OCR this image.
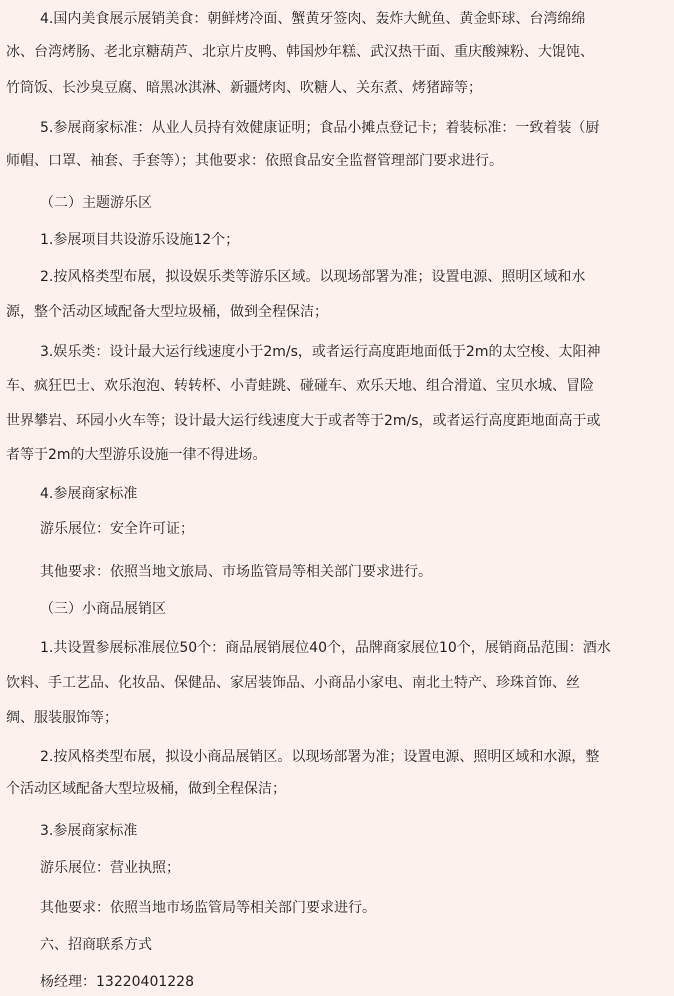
4.国内美食展示展销美食：朝鲜烤冷面、蟹黄牙签肉、轰炸大鱿鱼、黄金虾球、台湾绵绵
冰、台湾烤肠、老北京糖葫芦、北京片皮鸭、韩国炒年糕、武汉热干面、重庆酸辣粉、大馄饨、
竹筒饭、长沙臭豆腐、暗黑冰淇淋、新疆烤肉、吹糖人、关东煮、烤猪蹄等；
5.参展商家标准：从业人员持有效健康证明；食品小摊点登记卡；着装标准：一致着装（厨
师帽、口罩、袖套、手套等）；其他要求：依照食品安全监督管理部门要求进行。
（二）主题游乐区
1.参展项目共设游乐设施12个；
2.按风格类型布展，拟设娱乐类等游乐区域。以现场部署为准；设置电源、照明区域和水
源，整个活动区域配备大型垃圾桶，做到全程保洁；
3.娱乐类：设计最大运行线速度小于2m/s，或者运行高度距地面低于2m的太空梭、太阳神
车、疯狂巴士、欢乐泡泡、转转杯、小青蛙跳、碰碰车、欢乐天地、组合滑道、宝贝水城、冒险
世界攀岩、环园小火车等；设计最大运行线速度大于或者等于2m/s，或者运行高度距地面高于或
者等于2m的大型游乐设施一律不得进场。
4.参展商家标准
游乐展位：安全许可证；
其他要求：依照当地文旅局、市场监管局等相关部门要求进行。
（三）小商品展销区
1.共设置参展标准展位50个：商品展销展位40个，品牌商家展位10个，展销商品范围：酒水
饮料、手工艺品、化妆品、保健品、家居装饰品、小商品小家电、南北土特产、珍珠首饰、丝
绸、服装服饰等；
2.按风格类型布展，拟设小商品展销区。以现场部署为准；设置电源、照明区域和水源，整
个活动区域配备大型垃圾桶，做到全程保洁；
3.参展商家标准
游乐展位：营业执照；
其他要求：依照当地市场监管局等相关部门要求进行。
六、招商联系方式
杨经理：13220401228
